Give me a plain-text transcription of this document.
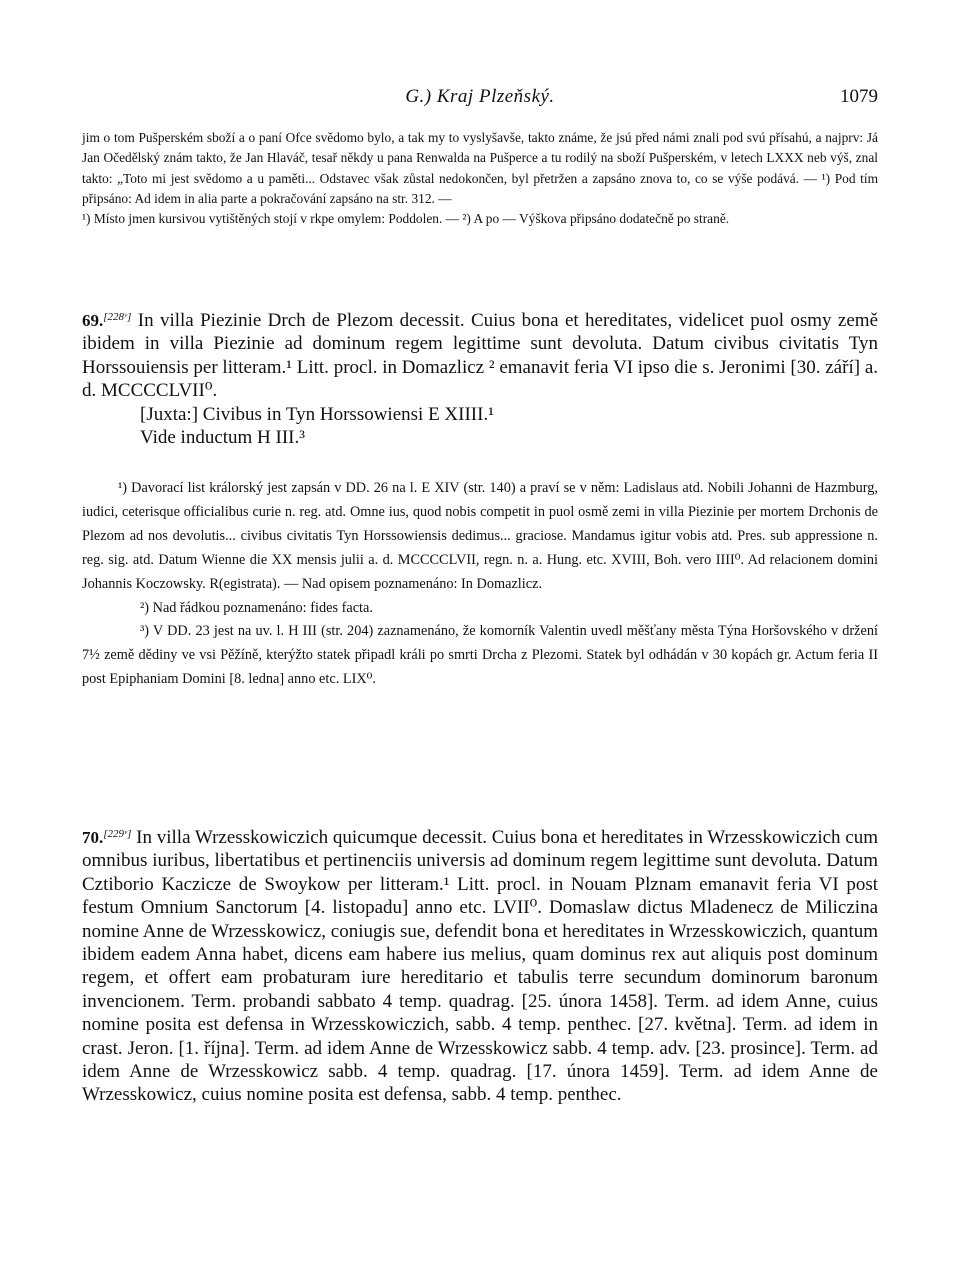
G.) Kraj Plzeňský.	1079

jim o tom Pušperském sboží a o paní Ofce svědomo bylo, a tak my to vyslyšavše, takto známe, že jsú před námi znali pod svú přísahú, a najprv: Já Jan Očedělský znám takto, že Jan Hlaváč, tesař někdy u pana Renwalda na Pušperce a tu rodilý na sboží Pušperském, v letech LXXX neb výš, znal takto: „Toto mi jest svědomo a u paměti... Odstavec však zůstal nedokončen, byl přetržen a zapsáno znova to, co se výše podává. — ¹) Pod tím připsáno: Ad idem in alia parte a pokračování zapsáno na str. 312. —

¹) Místo jmen kursivou vytištěných stojí v rkpe omylem: Poddolen. — ²) A po — Výškova připsáno dodatečně po straně.

69.[228ᵛ] In villa Piezinie Drch de Plezom decessit. Cuius bona et hereditates, videlicet puol osmy země ibidem in villa Piezinie ad dominum regem legittime sunt devoluta. Datum civibus civitatis Tyn Horssouiensis per litteram.¹ Litt. procl. in Domazlicz ² emanavit feria VI ipso die s. Jeronimi [30. září] a. d. MCCCCLVII⁰.

[Juxta:] Civibus in Tyn Horssowiensi E XIIII.¹

Vide inductum H III.³

¹) Davorací list králorský jest zapsán v DD. 26 na l. E XIV (str. 140) a praví se v něm: Ladislaus atd. Nobili Johanni de Hazmburg, iudici, ceterisque officialibus curie n. reg. atd. Omne ius, quod nobis competit in puol osmě zemi in villa Piezinie per mortem Drchonis de Plezom ad nos devolutis... civibus civitatis Tyn Horssowiensis dedimus... graciose. Mandamus igitur vobis atd. Pres. sub appressione n. reg. sig. atd. Datum Wienne die XX mensis julii a. d. MCCCCLVII, regn. n. a. Hung. etc. XVIII, Boh. vero IIII⁰. Ad relacionem domini Johannis Koczowsky. R(egistrata). — Nad opisem poznamenáno: In Domazlicz.

²) Nad řádkou poznamenáno: fides facta.

³) V DD. 23 jest na uv. l. H III (str. 204) zaznamenáno, že komorník Valentin uvedl měšťany města Týna Horšovského v držení 7½ země dědiny ve vsi Pěžíně, kterýžto statek připadl králi po smrti Drcha z Plezomi. Statek byl odhádán v 30 kopách gr. Actum feria II post Epiphaniam Domini [8. ledna] anno etc. LIX⁰.

70.[229ᵛ] In villa Wrzesskowiczich quicumque decessit. Cuius bona et hereditates in Wrzesskowiczich cum omnibus iuribus, libertatibus et pertinenciis universis ad dominum regem legittime sunt devoluta. Datum Cztiborio Kaczicze de Swoykow per litteram.¹ Litt. procl. in Nouam Plznam emanavit feria VI post festum Omnium Sanctorum [4. listopadu] anno etc. LVII⁰. Domaslaw dictus Mladenecz de Miliczina nomine Anne de Wrzesskowicz, coniugis sue, defendit bona et hereditates in Wrzesskowiczich, quantum ibidem eadem Anna habet, dicens eam habere ius melius, quam dominus rex aut aliquis post dominum regem, et offert eam probaturam iure hereditario et tabulis terre secundum dominorum baronum invencionem. Term. probandi sabbato 4 temp. quadrag. [25. února 1458]. Term. ad idem Anne, cuius nomine posita est defensa in Wrzesskowiczich, sabb. 4 temp. penthec. [27. května]. Term. ad idem in crast. Jeron. [1. října]. Term. ad idem Anne de Wrzesskowicz sabb. 4 temp. adv. [23. prosince]. Term. ad idem Anne de Wrzesskowicz sabb. 4 temp. quadrag. [17. února 1459]. Term. ad idem Anne de Wrzesskowicz, cuius nomine posita est defensa, sabb. 4 temp. penthec.
